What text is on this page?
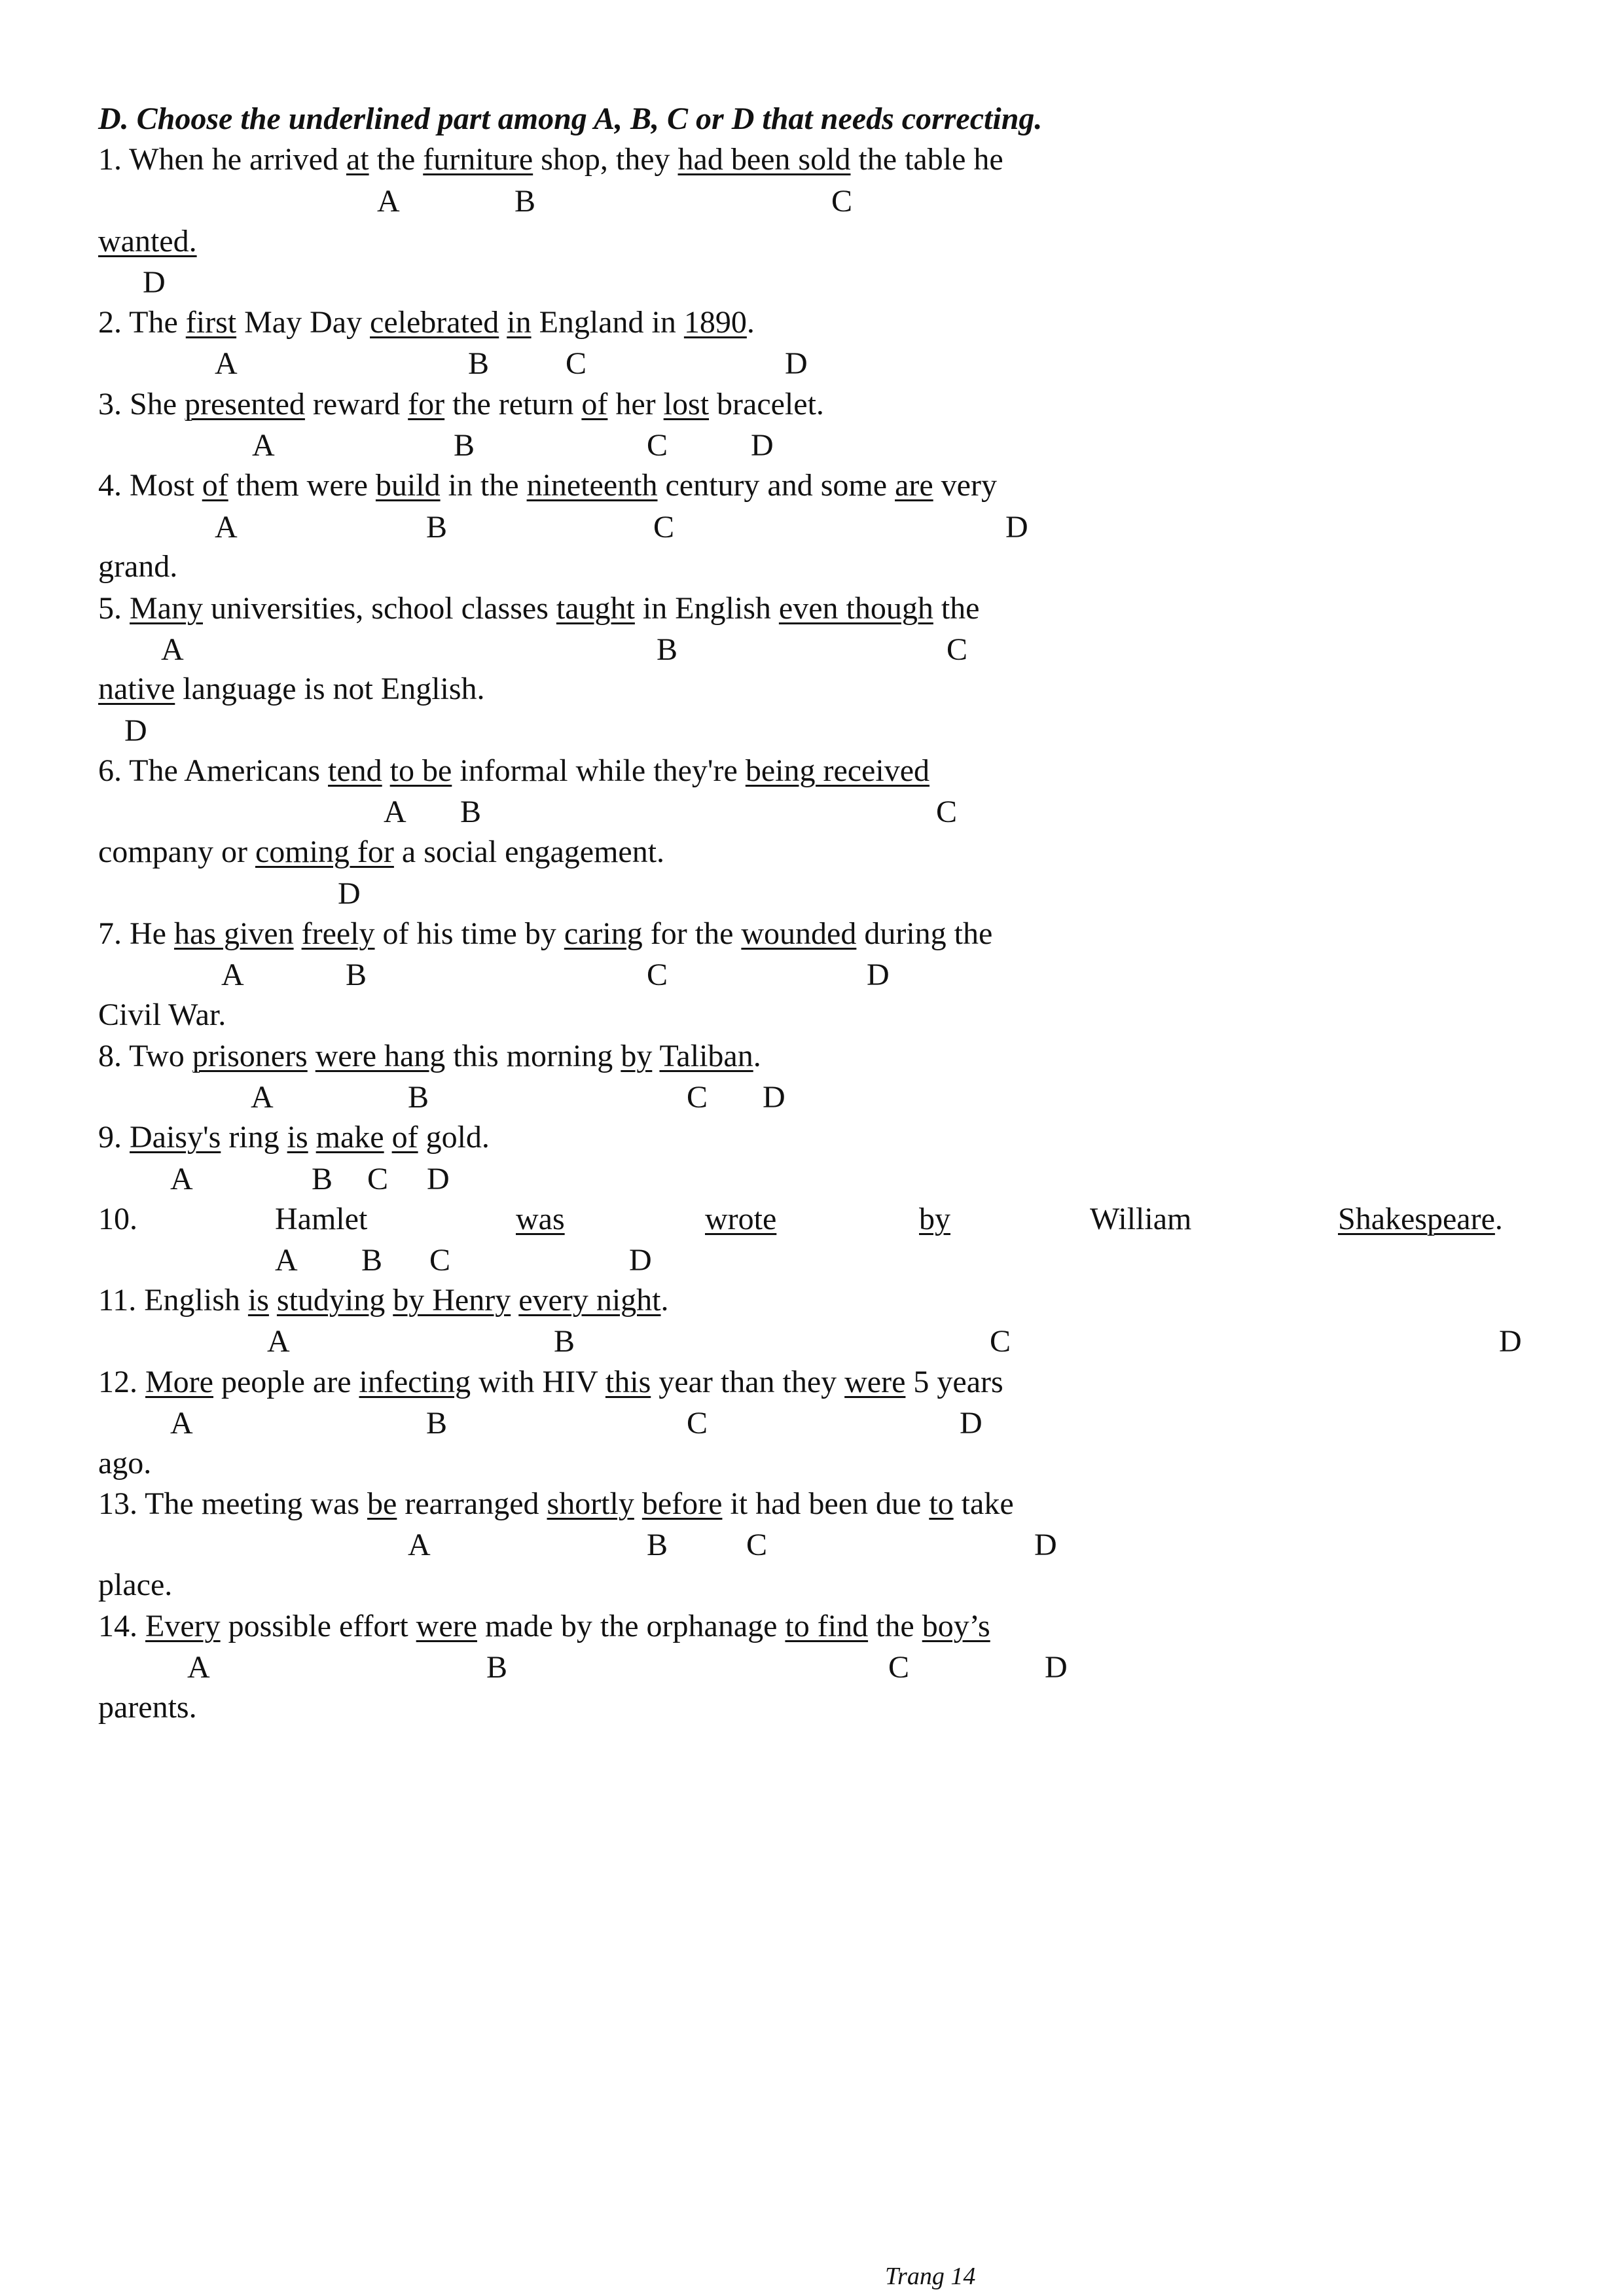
D. Choose the underlined part among A, B, C or D that needs correcting.
1. When he arrived at the furniture shop, they had been sold the table he
A	B	C
wanted.
D
2. The first May Day celebrated in England in 1890.
A	B C	D
3. She presented reward for the return of her lost bracelet.
A	B	C	D
4. Most of them were build in the nineteenth century and some are very
A	B	C	D
grand.
5. Many universities, school classes taught in English even though the
A	B	C
native language is not English.
D
6. The Americans tend to be informal while they're being received
A B	C
company or coming for a social engagement.
D
7. He has given freely of his time by caring for the wounded during the
A	B	C	D
Civil War.
8. Two prisoners were hang this morning by Taliban.
A	B	C D
9. Daisy's ring is make of gold.
A	B C D
10.	Hamlet	was	wrote	by	William	Shakespeare.
A B C	D
11. English is studying by Henry every night.
A	B	C	D
12. More people are infecting with HIV this year than they were 5 years
A	B	C	D
ago.
13. The meeting was be rearranged shortly before it had been due to take
A	B C	D
place.
14. Every possible effort were made by the orphanage to find the boy’s
A	B	C	D
parents.
Trang 14
